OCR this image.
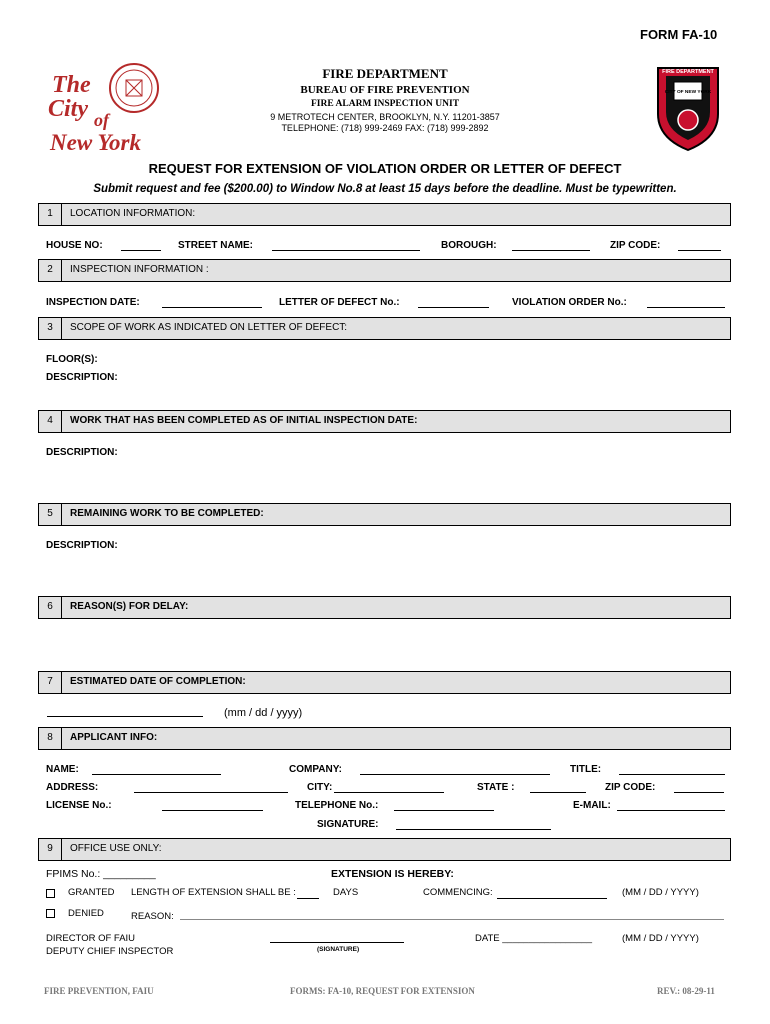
FORM FA-10
The
City of
New York
FIRE DEPARTMENT
BUREAU OF FIRE PREVENTION
FIRE ALARM INSPECTION UNIT
9 METROTECH CENTER, BROOKLYN, N.Y. 11201-3857
TELEPHONE: (718) 999-2469 FAX: (718) 999-2892
FIRE DEPARTMENT
CITY OF NEW YORK
REQUEST FOR EXTENSION OF VIOLATION ORDER OR LETTER OF DEFECT
Submit request and fee ($200.00) to Window No.8 at least 15 days before the deadline. Must be typewritten.
1	LOCATION INFORMATION:
HOUSE NO:	STREET NAME:	BOROUGH:	ZIP CODE:
2	INSPECTION INFORMATION :
INSPECTION DATE:	LETTER OF DEFECT No.:	VIOLATION ORDER No.:
3	SCOPE OF WORK AS INDICATED ON LETTER OF DEFECT:
FLOOR(S):
DESCRIPTION:
4	WORK THAT HAS BEEN COMPLETED AS OF INITIAL INSPECTION DATE:
DESCRIPTION:
5	REMAINING WORK TO BE COMPLETED:
DESCRIPTION:
6	REASON(S) FOR DELAY:
7	ESTIMATED DATE OF COMPLETION:
(mm / dd / yyyy)
8	APPLICANT INFO:
NAME:	COMPANY:	TITLE:
ADDRESS:	CITY:	STATE :	ZIP CODE:
LICENSE No.:	TELEPHONE No.:	E-MAIL:
SIGNATURE:
9	OFFICE USE ONLY:
FPIMS No.: _________	EXTENSION IS HEREBY:
GRANTED LENGTH OF EXTENSION SHALL BE :	DAYS	COMMENCING:	(MM / DD / YYYY)
DENIED	REASON:
DIRECTOR OF FAIU
DEPUTY CHIEF INSPECTOR	(SIGNATURE)
DATE _________________	(MM / DD / YYYY)
FIRE PREVENTION, FAIU	FORMS: FA-10, REQUEST FOR EXTENSION	REV.: 08-29-11
